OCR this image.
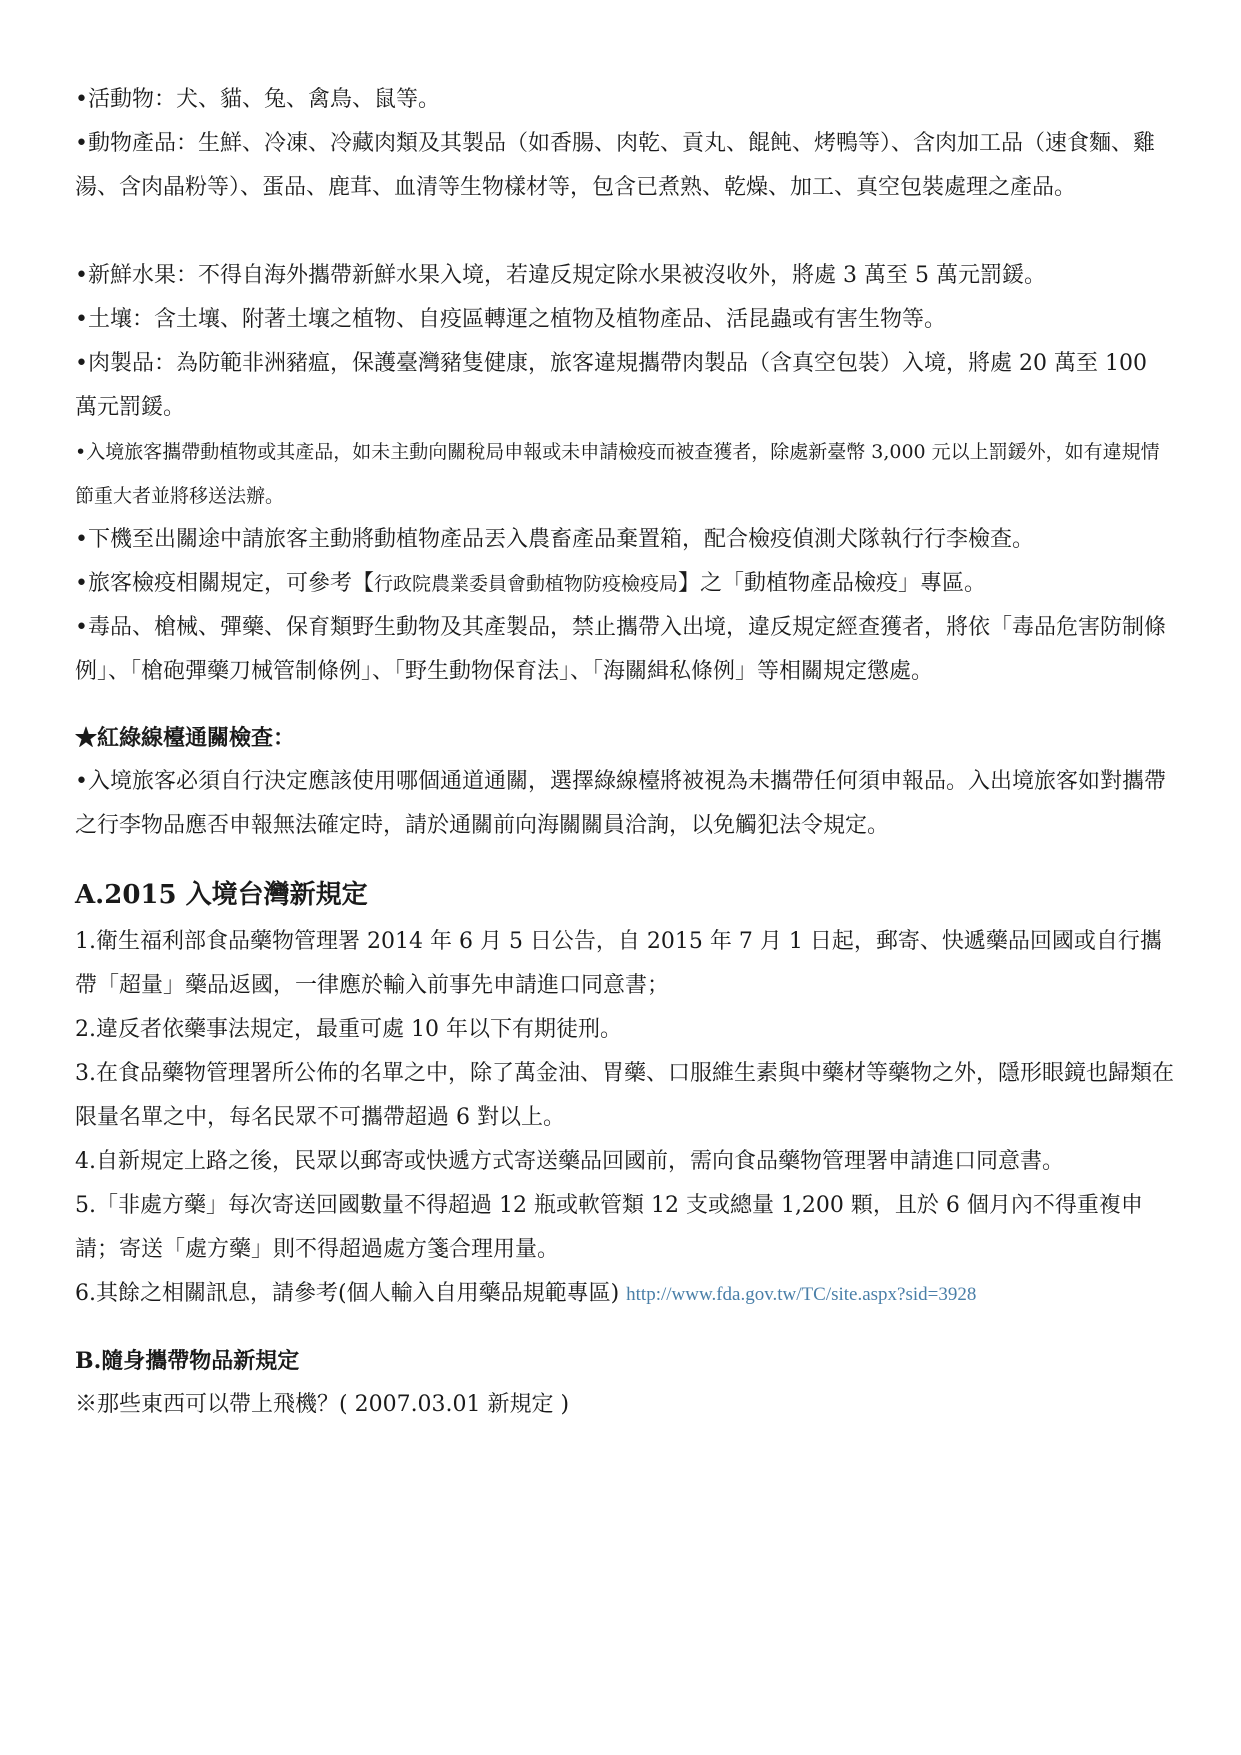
•活動物：犬、貓、兔、禽鳥、鼠等。

•動物產品：生鮮、冷凍、冷藏肉類及其製品（如香腸、肉乾、貢丸、餛飩、烤鴨等）、含肉加工品（速食麵、雞湯、含肉晶粉等）、蛋品、鹿茸、血清等生物樣材等，包含已煮熟、乾燥、加工、真空包裝處理之產品。

•新鮮水果：不得自海外攜帶新鮮水果入境，若違反規定除水果被沒收外，將處 3 萬至 5 萬元罰鍰。

•土壤：含土壤、附著土壤之植物、自疫區轉運之植物及植物產品、活昆蟲或有害生物等。

•肉製品：為防範非洲豬瘟，保護臺灣豬隻健康，旅客違規攜帶肉製品（含真空包裝）入境，將處 20 萬至 100 萬元罰鍰。

•入境旅客攜帶動植物或其產品，如未主動向關稅局申報或未申請檢疫而被查獲者，除處新臺幣 3,000 元以上罰鍰外，如有違規情節重大者並將移送法辦。

•下機至出關途中請旅客主動將動植物產品丟入農畜產品棄置箱，配合檢疫偵測犬隊執行行李檢查。

•旅客檢疫相關規定，可參考【行政院農業委員會動植物防疫檢疫局】之「動植物產品檢疫」專區。

•毒品、槍械、彈藥、保育類野生動物及其產製品，禁止攜帶入出境，違反規定經查獲者，將依「毒品危害防制條例」、「槍砲彈藥刀械管制條例」、「野生動物保育法」、「海關緝私條例」等相關規定懲處。

★紅綠線檯通關檢查：

•入境旅客必須自行決定應該使用哪個通道通關，選擇綠線檯將被視為未攜帶任何須申報品。入出境旅客如對攜帶之行李物品應否申報無法確定時，請於通關前向海關關員洽詢，以免觸犯法令規定。

A.2015 入境台灣新規定

1.衛生福利部食品藥物管理署 2014 年 6 月 5 日公告，自 2015 年 7 月 1 日起，郵寄、快遞藥品回國或自行攜帶「超量」藥品返國，一律應於輸入前事先申請進口同意書；

2.違反者依藥事法規定，最重可處 10 年以下有期徒刑。

3.在食品藥物管理署所公佈的名單之中，除了萬金油、胃藥、口服維生素與中藥材等藥物之外，隱形眼鏡也歸類在限量名單之中，每名民眾不可攜帶超過 6 對以上。

4.自新規定上路之後，民眾以郵寄或快遞方式寄送藥品回國前，需向食品藥物管理署申請進口同意書。

5.「非處方藥」每次寄送回國數量不得超過 12 瓶或軟管類 12 支或總量 1,200 顆，且於 6 個月內不得重複申請；寄送「處方藥」則不得超過處方箋合理用量。

6.其餘之相關訊息，請參考(個人輸入自用藥品規範專區) http://www.fda.gov.tw/TC/site.aspx?sid=3928

B.隨身攜帶物品新規定

※那些東西可以帶上飛機？( 2007.03.01 新規定 )
